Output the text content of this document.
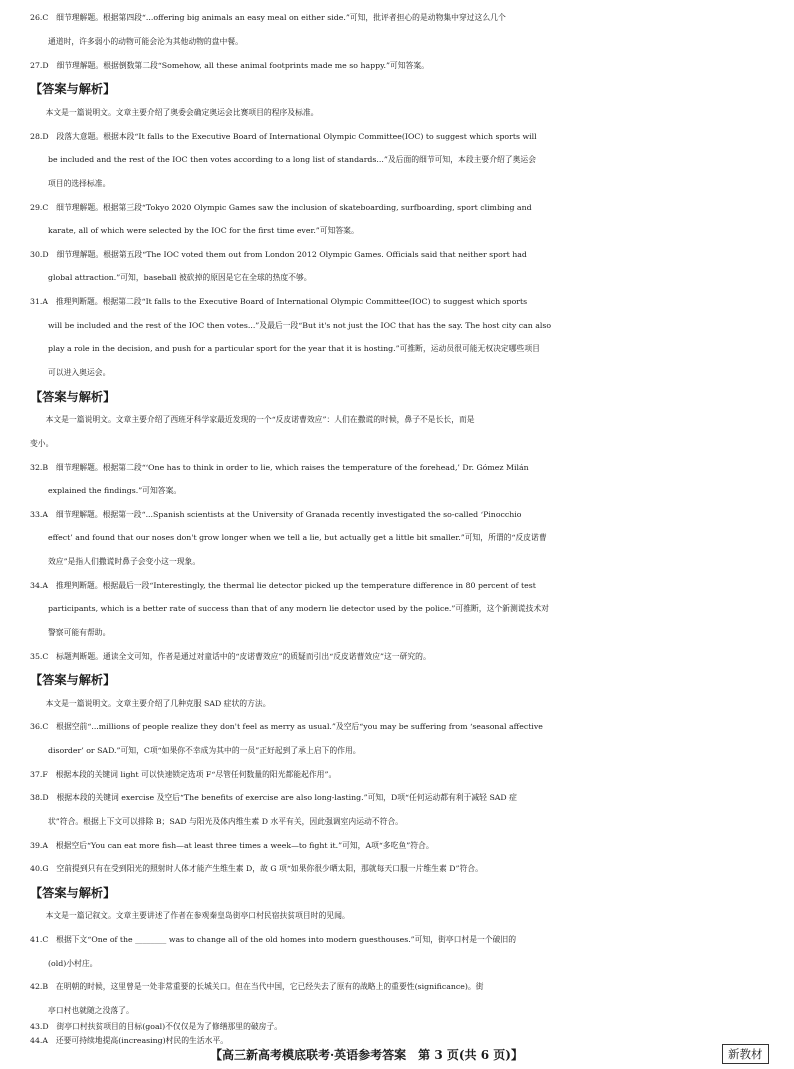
26.C　细节理解题。根据第四段“...offering big animals an easy meal on either side.”可知，批评者担心的是动物集中穿过这么几个
通道时，许多弱小的动物可能会沦为其他动物的盘中餐。
27.D　细节理解题。根据倒数第二段“Somehow, all these animal footprints made me so happy.”可知答案。
【答案与解析】
　　本文是一篇说明文。文章主要介绍了奥委会确定奥运会比赛项目的程序及标准。
28.D　段落大意题。根据本段“It falls to the Executive Board of International Olympic Committee(IOC) to suggest which sports will
be included and the rest of the IOC then votes according to a long list of standards...”及后面的细节可知，本段主要介绍了奥运会
项目的选择标准。
29.C　细节理解题。根据第三段“Tokyo 2020 Olympic Games saw the inclusion of skateboarding, surfboarding, sport climbing and
karate, all of which were selected by the IOC for the first time ever.”可知答案。
30.D　细节理解题。根据第五段“The IOC voted them out from London 2012 Olympic Games. Officials said that neither sport had
global attraction.”可知，baseball 被砍掉的原因是它在全球的热度不够。
31.A　推理判断题。根据第二段“It falls to the Executive Board of International Olympic Committee(IOC) to suggest which sports
will be included and the rest of the IOC then votes...”及最后一段“But it's not just the IOC that has the say. The host city can also
play a role in the decision, and push for a particular sport for the year that it is hosting.”可推断，运动员很可能无权决定哪些项目
可以进入奥运会。
【答案与解析】
　　本文是一篇说明文。文章主要介绍了西班牙科学家最近发现的一个“反皮诺曹效应”：人们在撒谎的时候，鼻子不是长长，而是
变小。
32.B　细节理解题。根据第二段“‘One has to think in order to lie, which raises the temperature of the forehead,’ Dr. Gómez Milán
explained the findings.”可知答案。
33.A　细节理解题。根据第一段“...Spanish scientists at the University of Granada recently investigated the so-called ‘Pinocchio
effect’ and found that our noses don't grow longer when we tell a lie, but actually get a little bit smaller.”可知，所谓的“反皮诺曹
效应”是指人们撒谎时鼻子会变小这一现象。
34.A　推理判断题。根据最后一段“Interestingly, the thermal lie detector picked up the temperature difference in 80 percent of test
participants, which is a better rate of success than that of any modern lie detector used by the police.”可推断，这个新测谎技术对
警察可能有帮助。
35.C　标题判断题。通读全文可知，作者是通过对童话中的“皮诺曹效应”的质疑而引出“反皮诺曹效应”这一研究的。
【答案与解析】
　　本文是一篇说明文。文章主要介绍了几种克服 SAD 症状的方法。
36.C　根据空前“...millions of people realize they don't feel as merry as usual.”及空后“you may be suffering from ‘seasonal affective
disorder’ or SAD.”可知，C项“如果你不幸成为其中的一员”正好起到了承上启下的作用。
37.F　根据本段的关键词 light 可以快速锁定选项 F“尽管任何数量的阳光都能起作用”。
38.D　根据本段的关键词 exercise 及空后“The benefits of exercise are also long-lasting.”可知，D项“任何运动都有利于减轻 SAD 症
状”符合。根据上下文可以排除 B；SAD 与阳光及体内维生素 D 水平有关，因此强调室内运动不符合。
39.A　根据空后“You can eat more fish—at least three times a week—to fight it.”可知，A项“多吃鱼”符合。
40.G　空前提到只有在受到阳光的照射时人体才能产生维生素 D，故 G 项“如果你很少晒太阳，那就每天口服一片维生素 D”符合。
【答案与解析】
　　本文是一篇记叙文。文章主要讲述了作者在参观秦皇岛街亭口村民宿扶贫项目时的见闻。
41.C　根据下文“One of the ________ was to change all of the old homes into modern guesthouses.”可知，街亭口村是一个破旧的
(old)小村庄。
42.B　在明朝的时候，这里曾是一处非常重要的长城关口。但在当代中国，它已经失去了原有的战略上的重要性(significance)。街
亭口村也就随之没落了。
43.D　街亭口村扶贫项目的目标(goal)不仅仅是为了修缮那里的破房子。
44.A　还要可持续地提高(increasing)村民的生活水平。
【高三新高考模底联考·英语参考答案　第 3 页(共 6 页)】	新教材
